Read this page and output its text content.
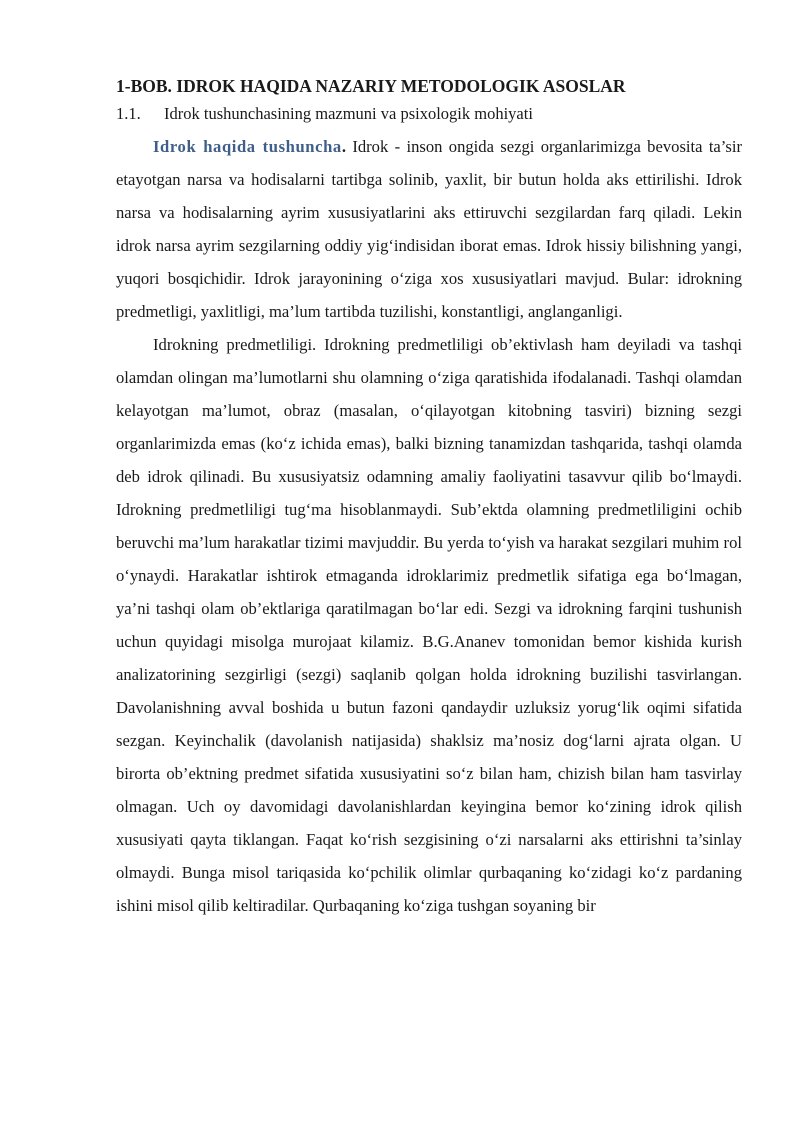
1-BOB. IDROK HAQIDA NAZARIY METODOLOGIK ASOSLAR
1.1. Idrok tushunchasining mazmuni va psixologik mohiyati

Idrok haqida tushuncha. Idrok - inson ongida sezgi organlarimizga bevosita ta’sir etayotgan narsa va hodisalarni tartibga solinib, yaxlit, bir butun holda aks ettirilishi. Idrok narsa va hodisalarning ayrim xususiyatlarini aks ettiruvchi sezgilardan farq qiladi. Lekin idrok narsa ayrim sezgilarning oddiy yig‘indisidan iborat emas. Idrok hissiy bilishning yangi, yuqori bosqichidir. Idrok jarayonining o‘ziga xos xususiyatlari mavjud. Bular: idrokning predmetligi, yaxlitligi, ma’lum tartibda tuzilishi, konstantligi, anglanganligi.

Idrokning predmetliligi. Idrokning predmetliligi ob’ektivlash ham deyiladi va tashqi olamdan olingan ma’lumotlarni shu olamning o‘ziga qaratishida ifodalanadi. Tashqi olamdan kelayotgan ma’lumot, obraz (masalan, o‘qilayotgan kitobning tasviri) bizning sezgi organlarimizda emas (ko‘z ichida emas), balki bizning tanamizdan tashqarida, tashqi olamda deb idrok qilinadi. Bu xususiyatsiz odamning amaliy faoliyatini tasavvur qilib bo‘lmaydi. Idrokning predmetliligi tug‘ma hisoblanmaydi. Sub’ektda olamning predmetliligini ochib beruvchi ma’lum harakatlar tizimi mavjuddir. Bu yerda to‘yish va harakat sezgilari muhim rol o‘ynaydi. Harakatlar ishtirok etmaganda idroklarimiz predmetlik sifatiga ega bo‘lmagan, ya’ni tashqi olam ob’ektlariga qaratilmagan bo‘lar edi. Sezgi va idrokning farqini tushunish uchun quyidagi misolga murojaat kilamiz. B.G.Ananev tomonidan bemor kishida kurish analizatorining sezgirligi (sezgi) saqlanib qolgan holda idrokning buzilishi tasvirlangan. Davolanishning avval boshida u butun fazoni qandaydir uzluksiz yorug‘lik oqimi sifatida sezgan. Keyinchalik (davolanish natijasida) shaklsiz ma’nosiz dog‘larni ajrata olgan. U birorta ob’ektning predmet sifatida xususiyatini so‘z bilan ham, chizish bilan ham tasvirlay olmagan. Uch oy davomidagi davolanishlardan keyingina bemor ko‘zining idrok qilish xususiyati qayta tiklangan. Faqat ko‘rish sezgisining o‘zi narsalarni aks ettirishni ta’sinlay olmaydi. Bunga misol tariqasida ko‘pchilik olimlar qurbaqaning ko‘zidagi ko‘z pardaning ishini misol qilib keltiradilar. Qurbaqaning ko‘ziga tushgan soyaning bir
